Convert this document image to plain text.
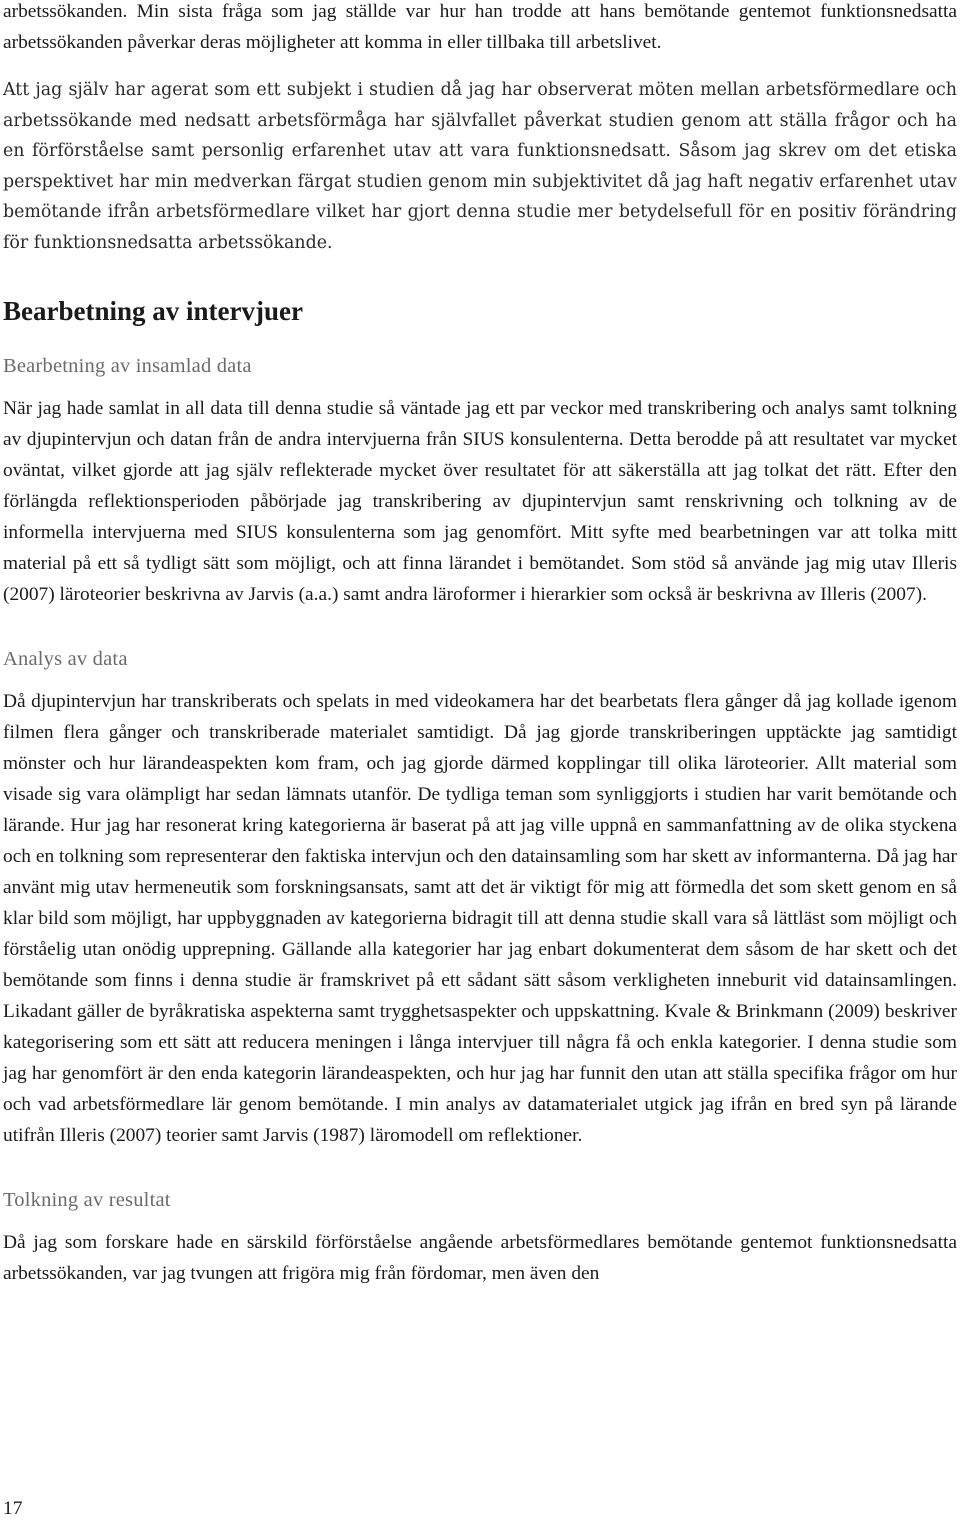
arbetssökanden. Min sista fråga som jag ställde var hur han trodde att hans bemötande gentemot funktionsnedsatta arbetssökanden påverkar deras möjligheter att komma in eller tillbaka till arbetslivet.

Att jag själv har agerat som ett subjekt i studien då jag har observerat möten mellan arbetsförmedlare och arbetssökande med nedsatt arbetsförmåga har självfallet påverkat studien genom att ställa frågor och ha en förförståelse samt personlig erfarenhet utav att vara funktionsnedsatt. Såsom jag skrev om det etiska perspektivet har min medverkan färgat studien genom min subjektivitet då jag haft negativ erfarenhet utav bemötande ifrån arbetsförmedlare vilket har gjort denna studie mer betydelsefull för en positiv förändring för funktionsnedsatta arbetssökande.

Bearbetning av intervjuer
Bearbetning av insamlad data

När jag hade samlat in all data till denna studie så väntade jag ett par veckor med transkribering och analys samt tolkning av djupintervjun och datan från de andra intervjuerna från SIUS konsulenterna. Detta berodde på att resultatet var mycket oväntat, vilket gjorde att jag själv reflekterade mycket över resultatet för att säkerställa att jag tolkat det rätt. Efter den förlängda reflektionsperioden påbörjade jag transkribering av djupintervjun samt renskrivning och tolkning av de informella intervjuerna med SIUS konsulenterna som jag genomfört. Mitt syfte med bearbetningen var att tolka mitt material på ett så tydligt sätt som möjligt, och att finna lärandet i bemötandet. Som stöd så använde jag mig utav Illeris (2007) läroteorier beskrivna av Jarvis (a.a.) samt andra läroformer i hierarkier som också är beskrivna av Illeris (2007).

Analys av data

Då djupintervjun har transkriberats och spelats in med videokamera har det bearbetats flera gånger då jag kollade igenom filmen flera gånger och transkriberade materialet samtidigt. Då jag gjorde transkriberingen upptäckte jag samtidigt mönster och hur lärandeaspekten kom fram, och jag gjorde därmed kopplingar till olika läroteorier. Allt material som visade sig vara olämpligt har sedan lämnats utanför. De tydliga teman som synliggjorts i studien har varit bemötande och lärande. Hur jag har resonerat kring kategorierna är baserat på att jag ville uppnå en sammanfattning av de olika styckena och en tolkning som representerar den faktiska intervjun och den datainsamling som har skett av informanterna. Då jag har använt mig utav hermeneutik som forskningsansats, samt att det är viktigt för mig att förmedla det som skett genom en så klar bild som möjligt, har uppbyggnaden av kategorierna bidragit till att denna studie skall vara så lättläst som möjligt och förståelig utan onödig upprepning. Gällande alla kategorier har jag enbart dokumenterat dem såsom de har skett och det bemötande som finns i denna studie är framskrivet på ett sådant sätt såsom verkligheten inneburit vid datainsamlingen. Likadant gäller de byråkratiska aspekterna samt trygghetsaspekter och uppskattning. Kvale & Brinkmann (2009) beskriver kategorisering som ett sätt att reducera meningen i långa intervjuer till några få och enkla kategorier. I denna studie som jag har genomfört är den enda kategorin lärandeaspekten, och hur jag har funnit den utan att ställa specifika frågor om hur och vad arbetsförmedlare lär genom bemötande. I min analys av datamaterialet utgick jag ifrån en bred syn på lärande utifrån Illeris (2007) teorier samt Jarvis (1987) läromodell om reflektioner.

Tolkning av resultat

Då jag som forskare hade en särskild förförståelse angående arbetsförmedlares bemötande gentemot funktionsnedsatta arbetssökanden, var jag tvungen att frigöra mig från fördomar, men även den

17
